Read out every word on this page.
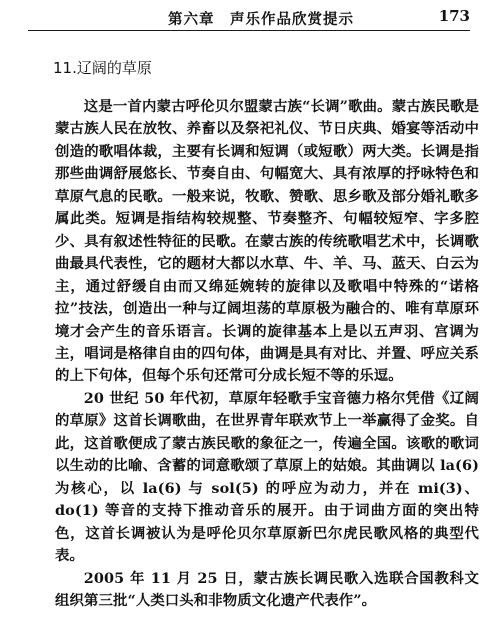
第六章　声乐作品欣赏提示	173
11.辽阔的草原

这是一首内蒙古呼伦贝尔盟蒙古族“长调”歌曲。蒙古族民歌是蒙古族人民在放牧、养畜以及祭祀礼仪、节日庆典、婚宴等活动中创造的歌唱体裁，主要有长调和短调（或短歌）两大类。长调是指那些曲调舒展悠长、节奏自由、句幅宽大、具有浓厚的抒咏特色和草原气息的民歌。一般来说，牧歌、赞歌、思乡歌及部分婚礼歌多属此类。短调是指结构较规整、节奏整齐、句幅较短窄、字多腔少、具有叙述性特征的民歌。在蒙古族的传统歌唱艺术中，长调歌曲最具代表性，它的题材大都以水草、牛、羊、马、蓝天、白云为主，通过舒缓自由而又绵延婉转的旋律以及歌唱中特殊的“诺格拉”技法，创造出一种与辽阔坦荡的草原极为融合的、唯有草原环境才会产生的音乐语言。长调的旋律基本上是以五声羽、宫调为主，唱词是格律自由的四句体，曲调是具有对比、并置、呼应关系的上下句体，但每个乐句还常可分成长短不等的乐逗。

20 世纪 50 年代初，草原年轻歌手宝音德力格尔凭借《辽阔的草原》这首长调歌曲，在世界青年联欢节上一举赢得了金奖。自此，这首歌便成了蒙古族民歌的象征之一，传遍全国。该歌的歌词以生动的比喻、含蓄的词意歌颂了草原上的姑娘。其曲调以 la(6) 为核心，以 la(6) 与 sol(5) 的呼应为动力，并在 mi(3)、do(1) 等音的支持下推动音乐的展开。由于词曲方面的突出特色，这首长调被认为是呼伦贝尔草原新巴尔虎民歌风格的典型代表。

2005 年 11 月 25 日，蒙古族长调民歌入选联合国教科文组织第三批“人类口头和非物质文化遗产代表作”。
